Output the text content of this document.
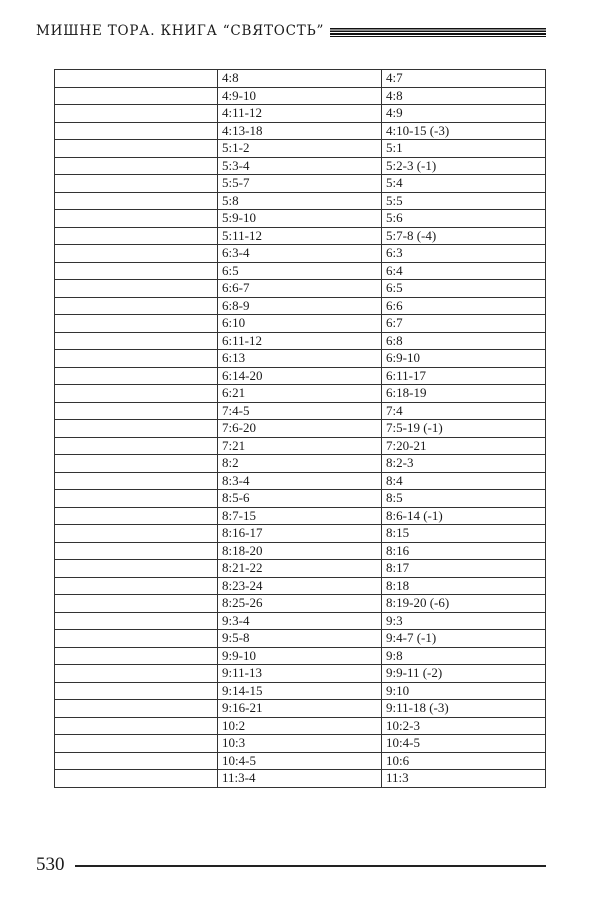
МИШНЕ ТОРА. КНИГА “СВЯТОСТЬ”
	4:8	4:7
	4:9-10	4:8
	4:11-12	4:9
	4:13-18	4:10-15 (-3)
	5:1-2	5:1
	5:3-4	5:2-3 (-1)
	5:5-7	5:4
	5:8	5:5
	5:9-10	5:6
	5:11-12	5:7-8 (-4)
	6:3-4	6:3
	6:5	6:4
	6:6-7	6:5
	6:8-9	6:6
	6:10	6:7
	6:11-12	6:8
	6:13	6:9-10
	6:14-20	6:11-17
	6:21	6:18-19
	7:4-5	7:4
	7:6-20	7:5-19 (-1)
	7:21	7:20-21
	8:2	8:2-3
	8:3-4	8:4
	8:5-6	8:5
	8:7-15	8:6-14 (-1)
	8:16-17	8:15
	8:18-20	8:16
	8:21-22	8:17
	8:23-24	8:18
	8:25-26	8:19-20 (-6)
	9:3-4	9:3
	9:5-8	9:4-7 (-1)
	9:9-10	9:8
	9:11-13	9:9-11 (-2)
	9:14-15	9:10
	9:16-21	9:11-18 (-3)
	10:2	10:2-3
	10:3	10:4-5
	10:4-5	10:6
	11:3-4	11:3
530
